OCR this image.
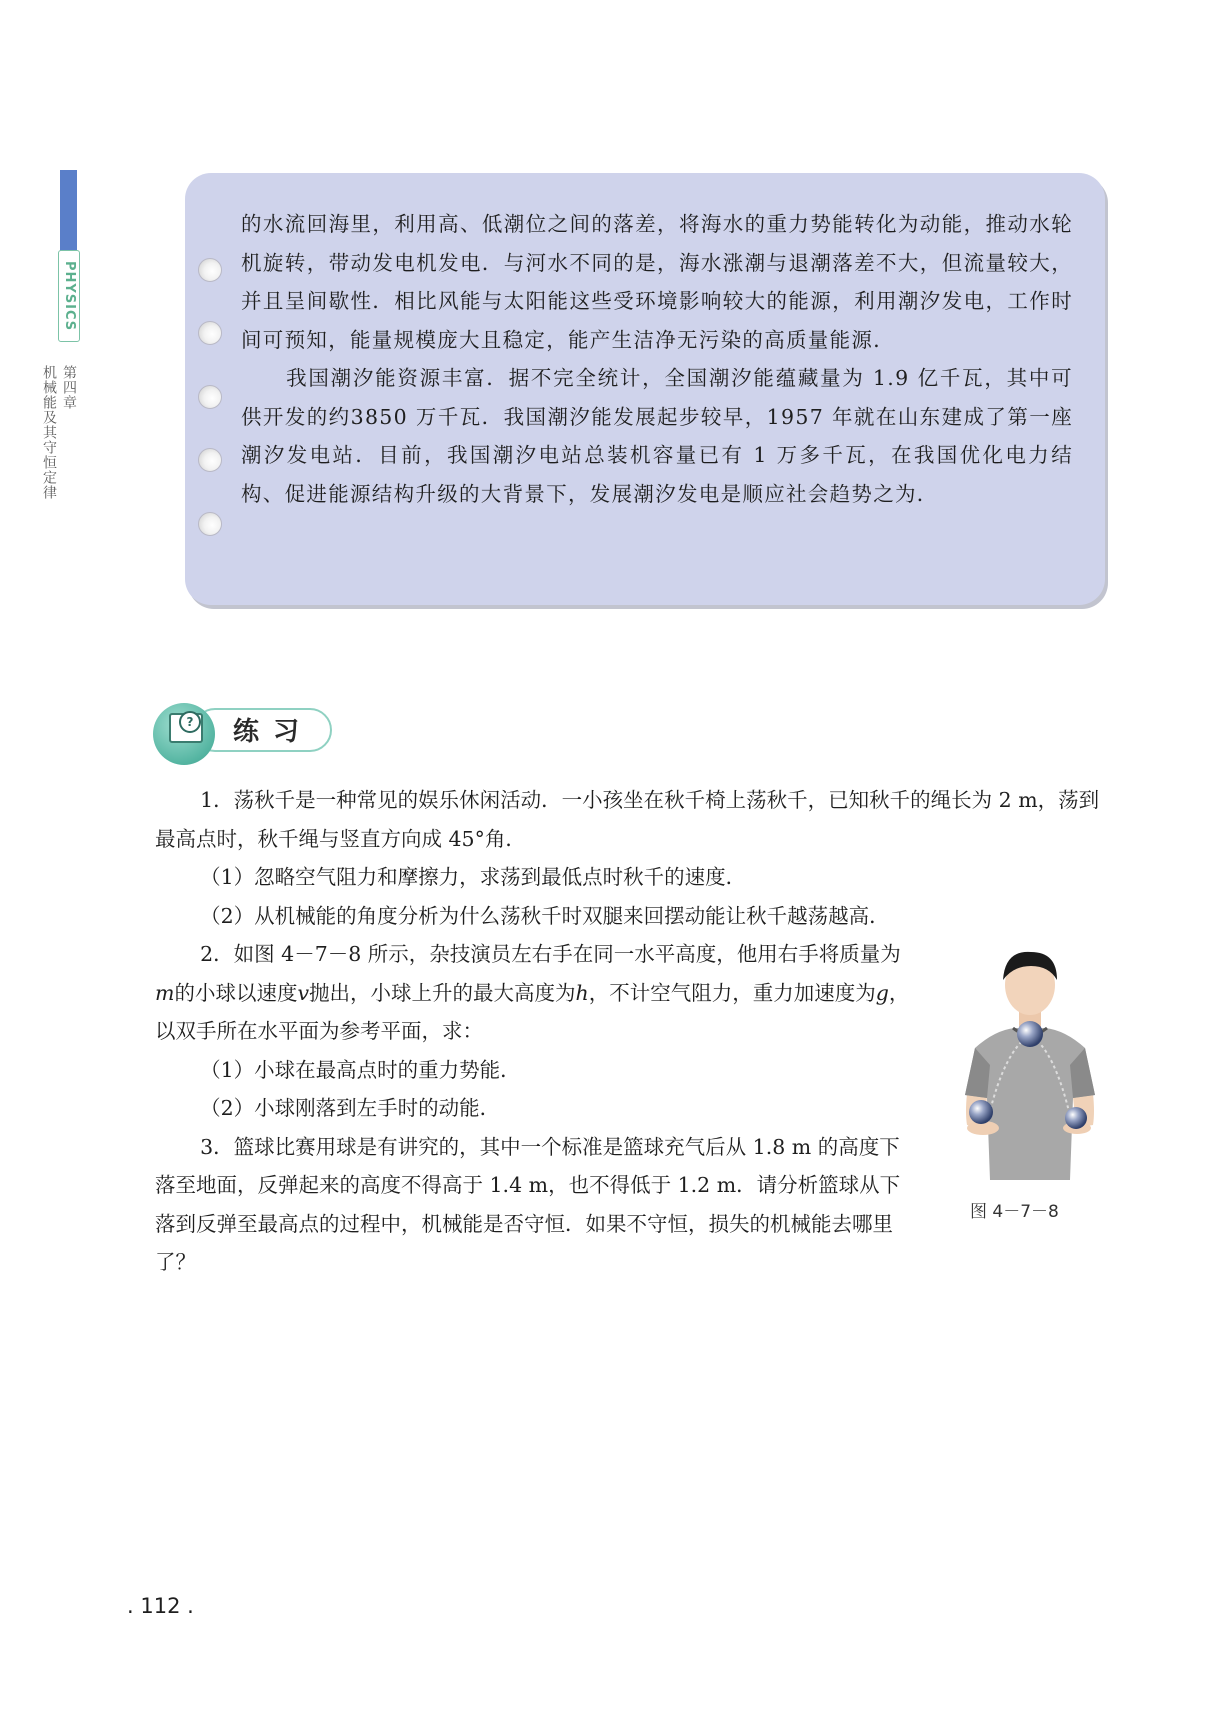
PHYSICS
第四章
机械能及其守恒定律

的水流回海里，利用高、低潮位之间的落差，将海水的重力势能转化为动能，推动水轮机旋转，带动发电机发电．与河水不同的是，海水涨潮与退潮落差不大，但流量较大，并且呈间歇性．相比风能与太阳能这些受环境影响较大的能源，利用潮汐发电，工作时间可预知，能量规模庞大且稳定，能产生洁净无污染的高质量能源．

我国潮汐能资源丰富．据不完全统计，全国潮汐能蕴藏量为 1.9 亿千瓦，其中可供开发的约3850 万千瓦．我国潮汐能发展起步较早，1957 年就在山东建成了第一座潮汐发电站．目前，我国潮汐电站总装机容量已有 1 万多千瓦，在我国优化电力结构、促进能源结构升级的大背景下，发展潮汐发电是顺应社会趋势之为．

? 练习

1．荡秋千是一种常见的娱乐休闲活动．一小孩坐在秋千椅上荡秋千，已知秋千的绳长为 2 m，荡到最高点时，秋千绳与竖直方向成 45°角．

（1）忽略空气阻力和摩擦力，求荡到最低点时秋千的速度．

（2）从机械能的角度分析为什么荡秋千时双腿来回摆动能让秋千越荡越高．

2．如图 4－7－8 所示，杂技演员左右手在同一水平高度，他用右手将质量为m的小球以速度v抛出，小球上升的最大高度为h，不计空气阻力，重力加速度为g，以双手所在水平面为参考平面，求：

（1）小球在最高点时的重力势能．

（2）小球刚落到左手时的动能．

3．篮球比赛用球是有讲究的，其中一个标准是篮球充气后从 1.8 m 的高度下落至地面，反弹起来的高度不得高于 1.4 m，也不得低于 1.2 m．请分析篮球从下落到反弹至最高点的过程中，机械能是否守恒．如果不守恒，损失的机械能去哪里了？

图 4－7－8
. 112 .
